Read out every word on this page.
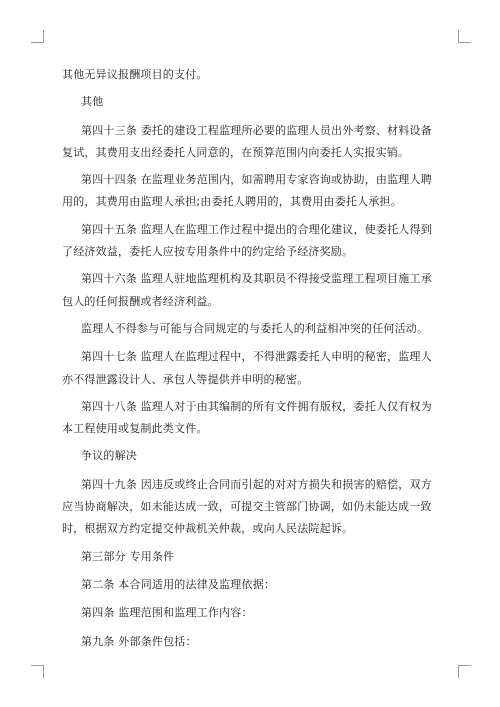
其他无异议报酬项目的支付。

其他

第四十三条 委托的建设工程监理所必要的监理人员出外考察、材料设备复试，其费用支出经委托人同意的，在预算范围内向委托人实报实销。

第四十四条 在监理业务范围内，如需聘用专家咨询或协助，由监理人聘用的，其费用由监理人承担;由委托人聘用的，其费用由委托人承担。

第四十五条 监理人在监理工作过程中提出的合理化建议，使委托人得到了经济效益，委托人应按专用条件中的约定给予经济奖励。

第四十六条 监理人驻地监理机构及其职员不得接受监理工程项目施工承包人的任何报酬或者经济利益。

监理人不得参与可能与合同规定的与委托人的利益相冲突的任何活动。

第四十七条 监理人在监理过程中，不得泄露委托人申明的秘密，监理人亦不得泄露设计人、承包人等提供并申明的秘密。

第四十八条 监理人对于由其编制的所有文件拥有版权，委托人仅有权为本工程使用或复制此类文件。

争议的解决

第四十九条 因违反或终止合同而引起的对对方损失和损害的赔偿，双方应当协商解决，如未能达成一致，可提交主管部门协调，如仍未能达成一致时，根据双方约定提交仲裁机关仲裁，或向人民法院起诉。

第三部分 专用条件

第二条 本合同适用的法律及监理依据：

第四条 监理范围和监理工作内容：

第九条 外部条件包括：
